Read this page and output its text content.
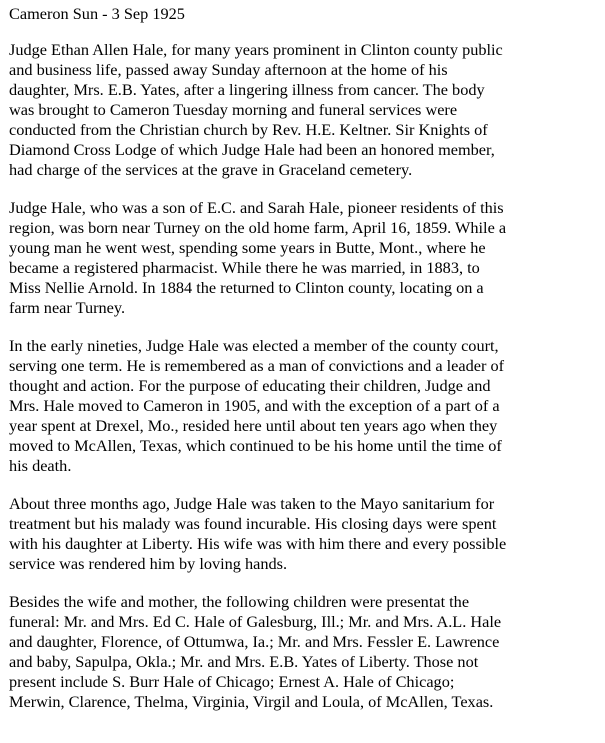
Cameron Sun - 3 Sep 1925
Judge Ethan Allen Hale, for many years prominent in Clinton county public
and business life, passed away Sunday afternoon at the home of his
daughter, Mrs. E.B. Yates, after a lingering illness from cancer. The body
was brought to Cameron Tuesday morning and funeral services were
conducted from the Christian church by Rev. H.E. Keltner. Sir Knights of
Diamond Cross Lodge of which Judge Hale had been an honored member,
had charge of the services at the grave in Graceland cemetery.
Judge Hale, who was a son of E.C. and Sarah Hale, pioneer residents of this
region, was born near Turney on the old home farm, April 16, 1859. While a
young man he went west, spending some years in Butte, Mont., where he
became a registered pharmacist. While there he was married, in 1883, to
Miss Nellie Arnold. In 1884 the returned to Clinton county, locating on a
farm near Turney.
In the early nineties, Judge Hale was elected a member of the county court,
serving one term. He is remembered as a man of convictions and a leader of
thought and action. For the purpose of educating their children, Judge and
Mrs. Hale moved to Cameron in 1905, and with the exception of a part of a
year spent at Drexel, Mo., resided here until about ten years ago when they
moved to McAllen, Texas, which continued to be his home until the time of
his death.
About three months ago, Judge Hale was taken to the Mayo sanitarium for
treatment but his malady was found incurable. His closing days were spent
with his daughter at Liberty. His wife was with him there and every possible
service was rendered him by loving hands.
Besides the wife and mother, the following children were presentat the
funeral: Mr. and Mrs. Ed C. Hale of Galesburg, Ill.; Mr. and Mrs. A.L. Hale
and daughter, Florence, of Ottumwa, Ia.; Mr. and Mrs. Fessler E. Lawrence
and baby, Sapulpa, Okla.; Mr. and Mrs. E.B. Yates of Liberty. Those not
present include S. Burr Hale of Chicago; Ernest A. Hale of Chicago;
Merwin, Clarence, Thelma, Virginia, Virgil and Loula, of McAllen, Texas.
